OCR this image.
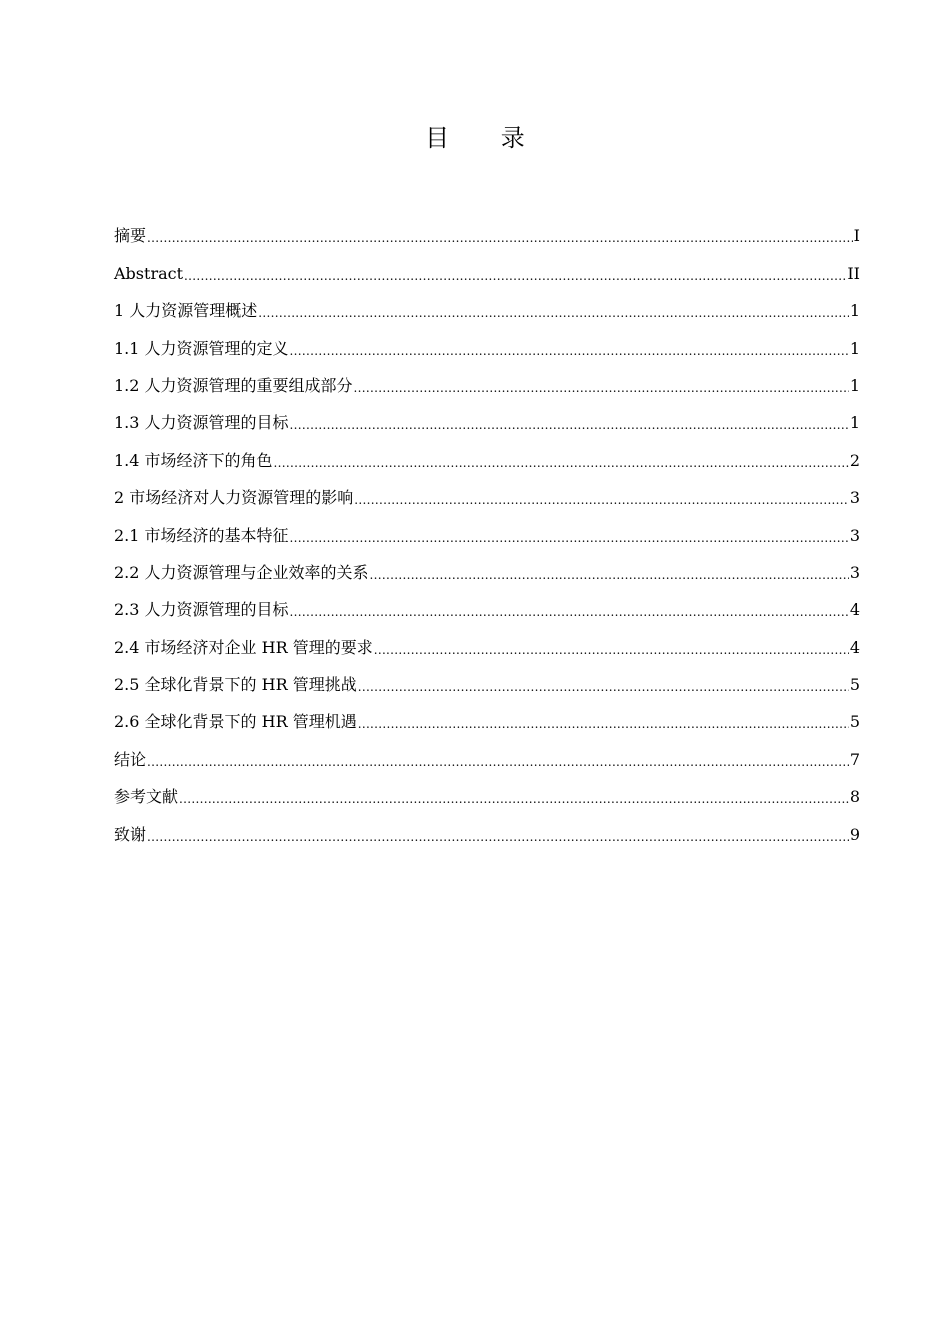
目 录
摘要 .....	I
Abstract .....	II
1 人力资源管理概述 .....	1
1.1 人力资源管理的定义 .....	1
1.2 人力资源管理的重要组成部分 .....	1
1.3 人力资源管理的目标 .....	1
1.4 市场经济下的角色 .....	2
2 市场经济对人力资源管理的影响 .....	3
2.1 市场经济的基本特征 .....	3
2.2 人力资源管理与企业效率的关系 .....	3
2.3 人力资源管理的目标 .....	4
2.4 市场经济对企业 HR 管理的要求 .....	4
2.5 全球化背景下的 HR 管理挑战 .....	5
2.6 全球化背景下的 HR 管理机遇 .....	5
结论 .....	7
参考文献 .....	8
致谢 .....	9
